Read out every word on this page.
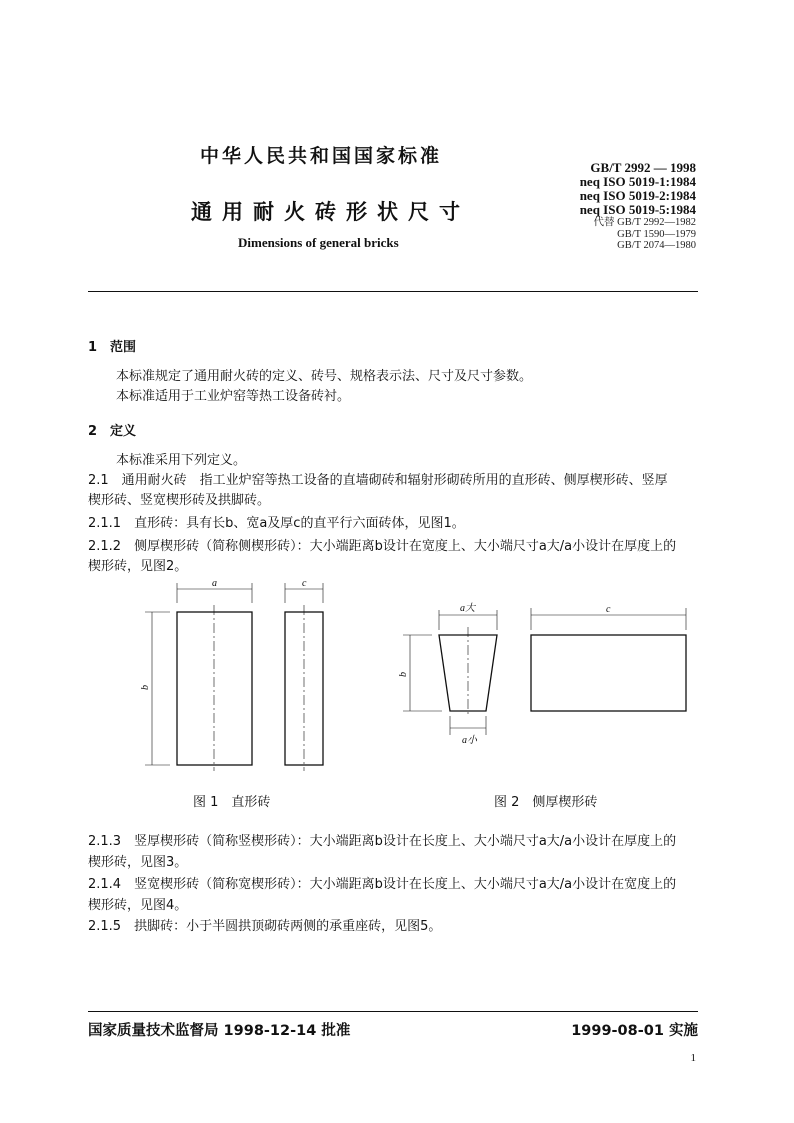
中华人民共和国国家标准
通用耐火砖形状尺寸
Dimensions of general bricks
GB/T 2992 — 1998
neq ISO 5019-1:1984
neq ISO 5019-2:1984
neq ISO 5019-5:1984
代替 GB/T 2992—1982
GB/T 1590—1979
GB/T 2074—1980
1　范围
本标准规定了通用耐火砖的定义、砖号、规格表示法、尺寸及尺寸参数。
本标准适用于工业炉窑等热工设备砖衬。
2　定义
本标准采用下列定义。
2.1　通用耐火砖　指工业炉窑等热工设备的直墙砌砖和辐射形砌砖所用的直形砖、侧厚楔形砖、竖厚
楔形砖、竖宽楔形砖及拱脚砖。
2.1.1　直形砖：具有长b、宽a及厚c的直平行六面砖体，见图1。
2.1.2　侧厚楔形砖（简称侧楔形砖）：大小端距离b设计在宽度上、大小端尺寸a大/a小设计在厚度上的
楔形砖，见图2。
a	c
b
a大
a小
b
c
图 1　直形砖	图 2　侧厚楔形砖
2.1.3　竖厚楔形砖（简称竖楔形砖）：大小端距离b设计在长度上、大小端尺寸a大/a小设计在厚度上的
楔形砖，见图3。
2.1.4　竖宽楔形砖（简称宽楔形砖）：大小端距离b设计在长度上、大小端尺寸a大/a小设计在宽度上的
楔形砖，见图4。
2.1.5　拱脚砖：小于半圆拱顶砌砖两侧的承重座砖，见图5。
国家质量技术监督局 1998-12-14 批准	1999-08-01 实施
1
